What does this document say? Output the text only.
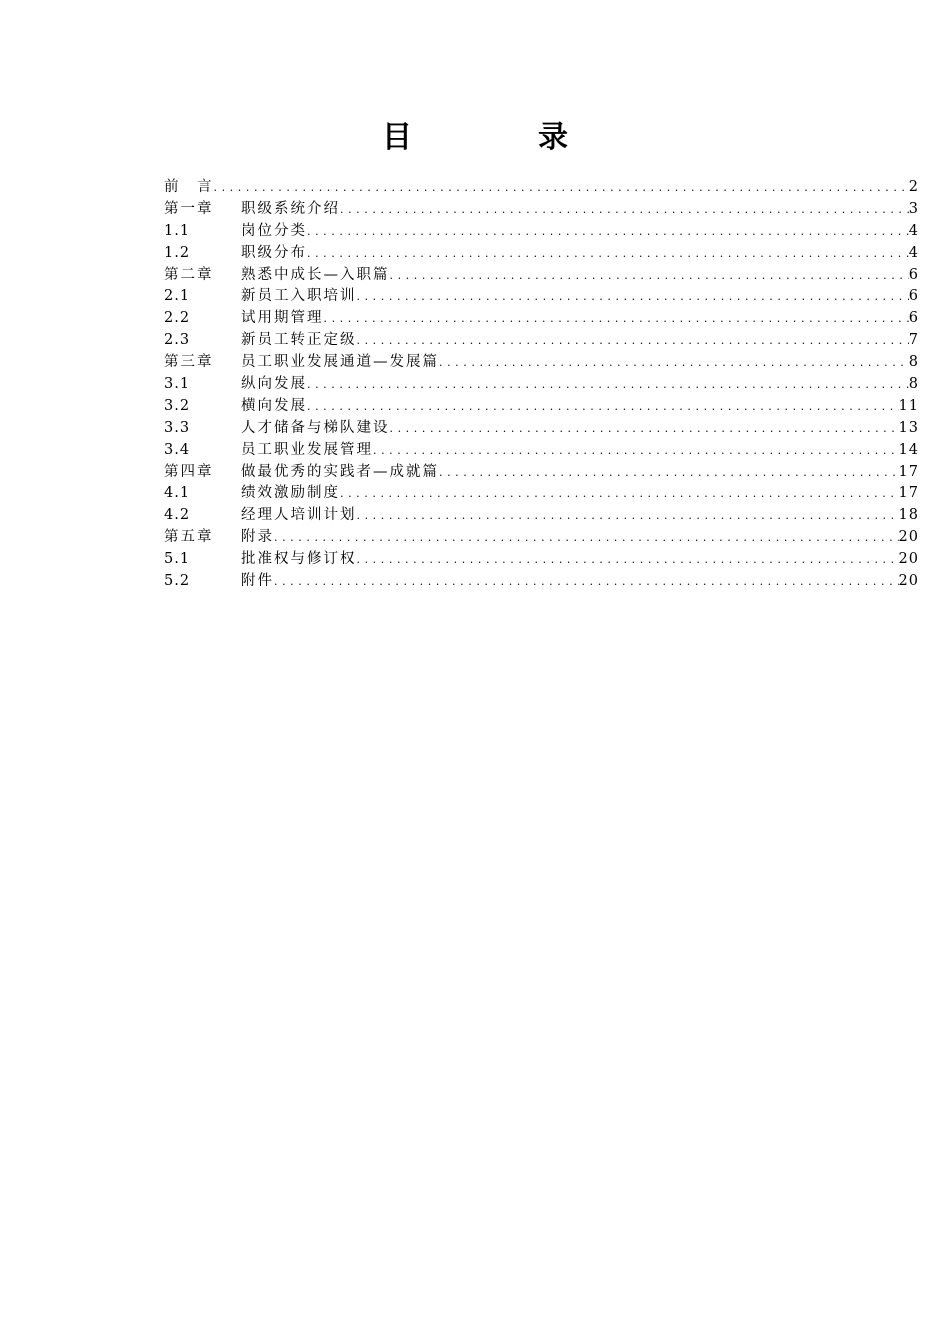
目	录
前　言 . . .	2
第一章	职级系统介绍 . . .	3
1.1	岗位分类 . . .	4
1.2	职级分布 . . .	4
第二章	熟悉中成长—入职篇 . . .	6
2.1	新员工入职培训 . . .	6
2.2	试用期管理 . . .	6
2.3	新员工转正定级 . . .	7
第三章	员工职业发展通道—发展篇 . . .	8
3.1	纵向发展 . . .	8
3.2	横向发展 . . .	11
3.3	人才储备与梯队建设 . . .	13
3.4	员工职业发展管理 . . .	14
第四章	做最优秀的实践者—成就篇 . . .	17
4.1	绩效激励制度 . . .	17
4.2	经理人培训计划 . . .	18
第五章	附录 . . .	20
5.1	批准权与修订权 . . .	20
5.2	附件 . . .	20
